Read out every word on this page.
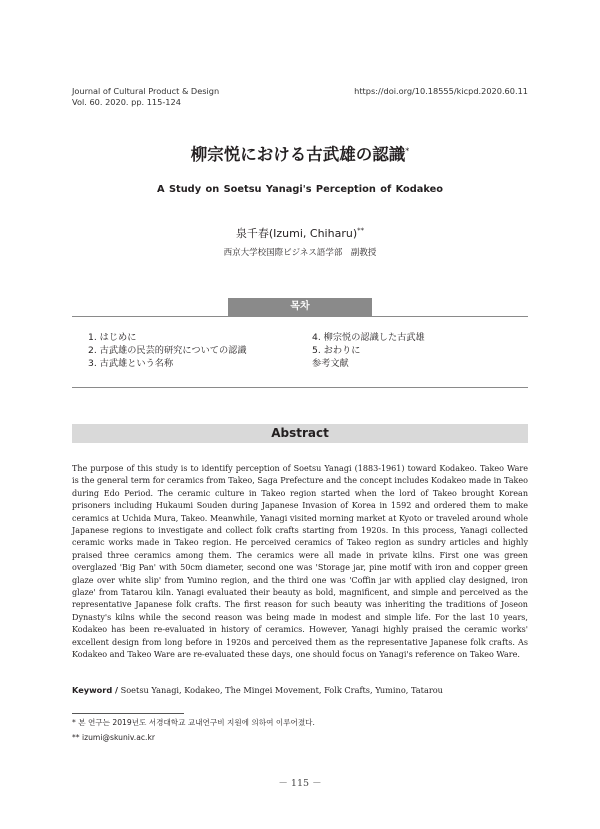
Journal of Cultural Product & Design
Vol. 60. 2020. pp. 115-124
https://doi.org/10.18555/kicpd.2020.60.11
柳宗悦における古武雄の認識*
A Study on Soetsu Yanagi's Perception of Kodakeo
泉千春(Izumi, Chiharu)**
西京大学校国際ビジネス語学部　副教授
목차
1. はじめに
2. 古武雄の民芸的研究についての認識
3. 古武雄という名称
4. 柳宗悦の認識した古武雄
5. おわりに
参考文献
Abstract
The purpose of this study is to identify perception of Soetsu Yanagi (1883-1961) toward Kodakeo. Takeo Ware is the general term for ceramics from Takeo, Saga Prefecture and the concept includes Kodakeo made in Takeo during Edo Period. The ceramic culture in Takeo region started when the lord of Takeo brought Korean prisoners including Hukaumi Souden during Japanese Invasion of Korea in 1592 and ordered them to make ceramics at Uchida Mura, Takeo. Meanwhile, Yanagi visited morning market at Kyoto or traveled around whole Japanese regions to investigate and collect folk crafts starting from 1920s. In this process, Yanagi collected ceramic works made in Takeo region. He perceived ceramics of Takeo region as sundry articles and highly praised three ceramics among them. The ceramics were all made in private kilns. First one was green overglazed 'Big Pan' with 50cm diameter, second one was 'Storage jar, pine motif with iron and copper green glaze over white slip' from Yumino region, and the third one was 'Coffin jar with applied clay designed, iron glaze' from Tatarou kiln. Yanagi evaluated their beauty as bold, magnificent, and simple and perceived as the representative Japanese folk crafts. The first reason for such beauty was inheriting the traditions of Joseon Dynasty's kilns while the second reason was being made in modest and simple life. For the last 10 years, Kodakeo has been re-evaluated in history of ceramics. However, Yanagi highly praised the ceramic works' excellent design from long before in 1920s and perceived them as the representative Japanese folk crafts. As Kodakeo and Takeo Ware are re-evaluated these days, one should focus on Yanagi's reference on Takeo Ware.
Keyword / Soetsu Yanagi, Kodakeo, The Mingei Movement, Folk Crafts, Yumino, Tatarou
* 본 연구는 2019년도 서경대학교 교내연구비 지원에 의하여 이루어졌다.
** izumi@skuniv.ac.kr
－ 115 －
